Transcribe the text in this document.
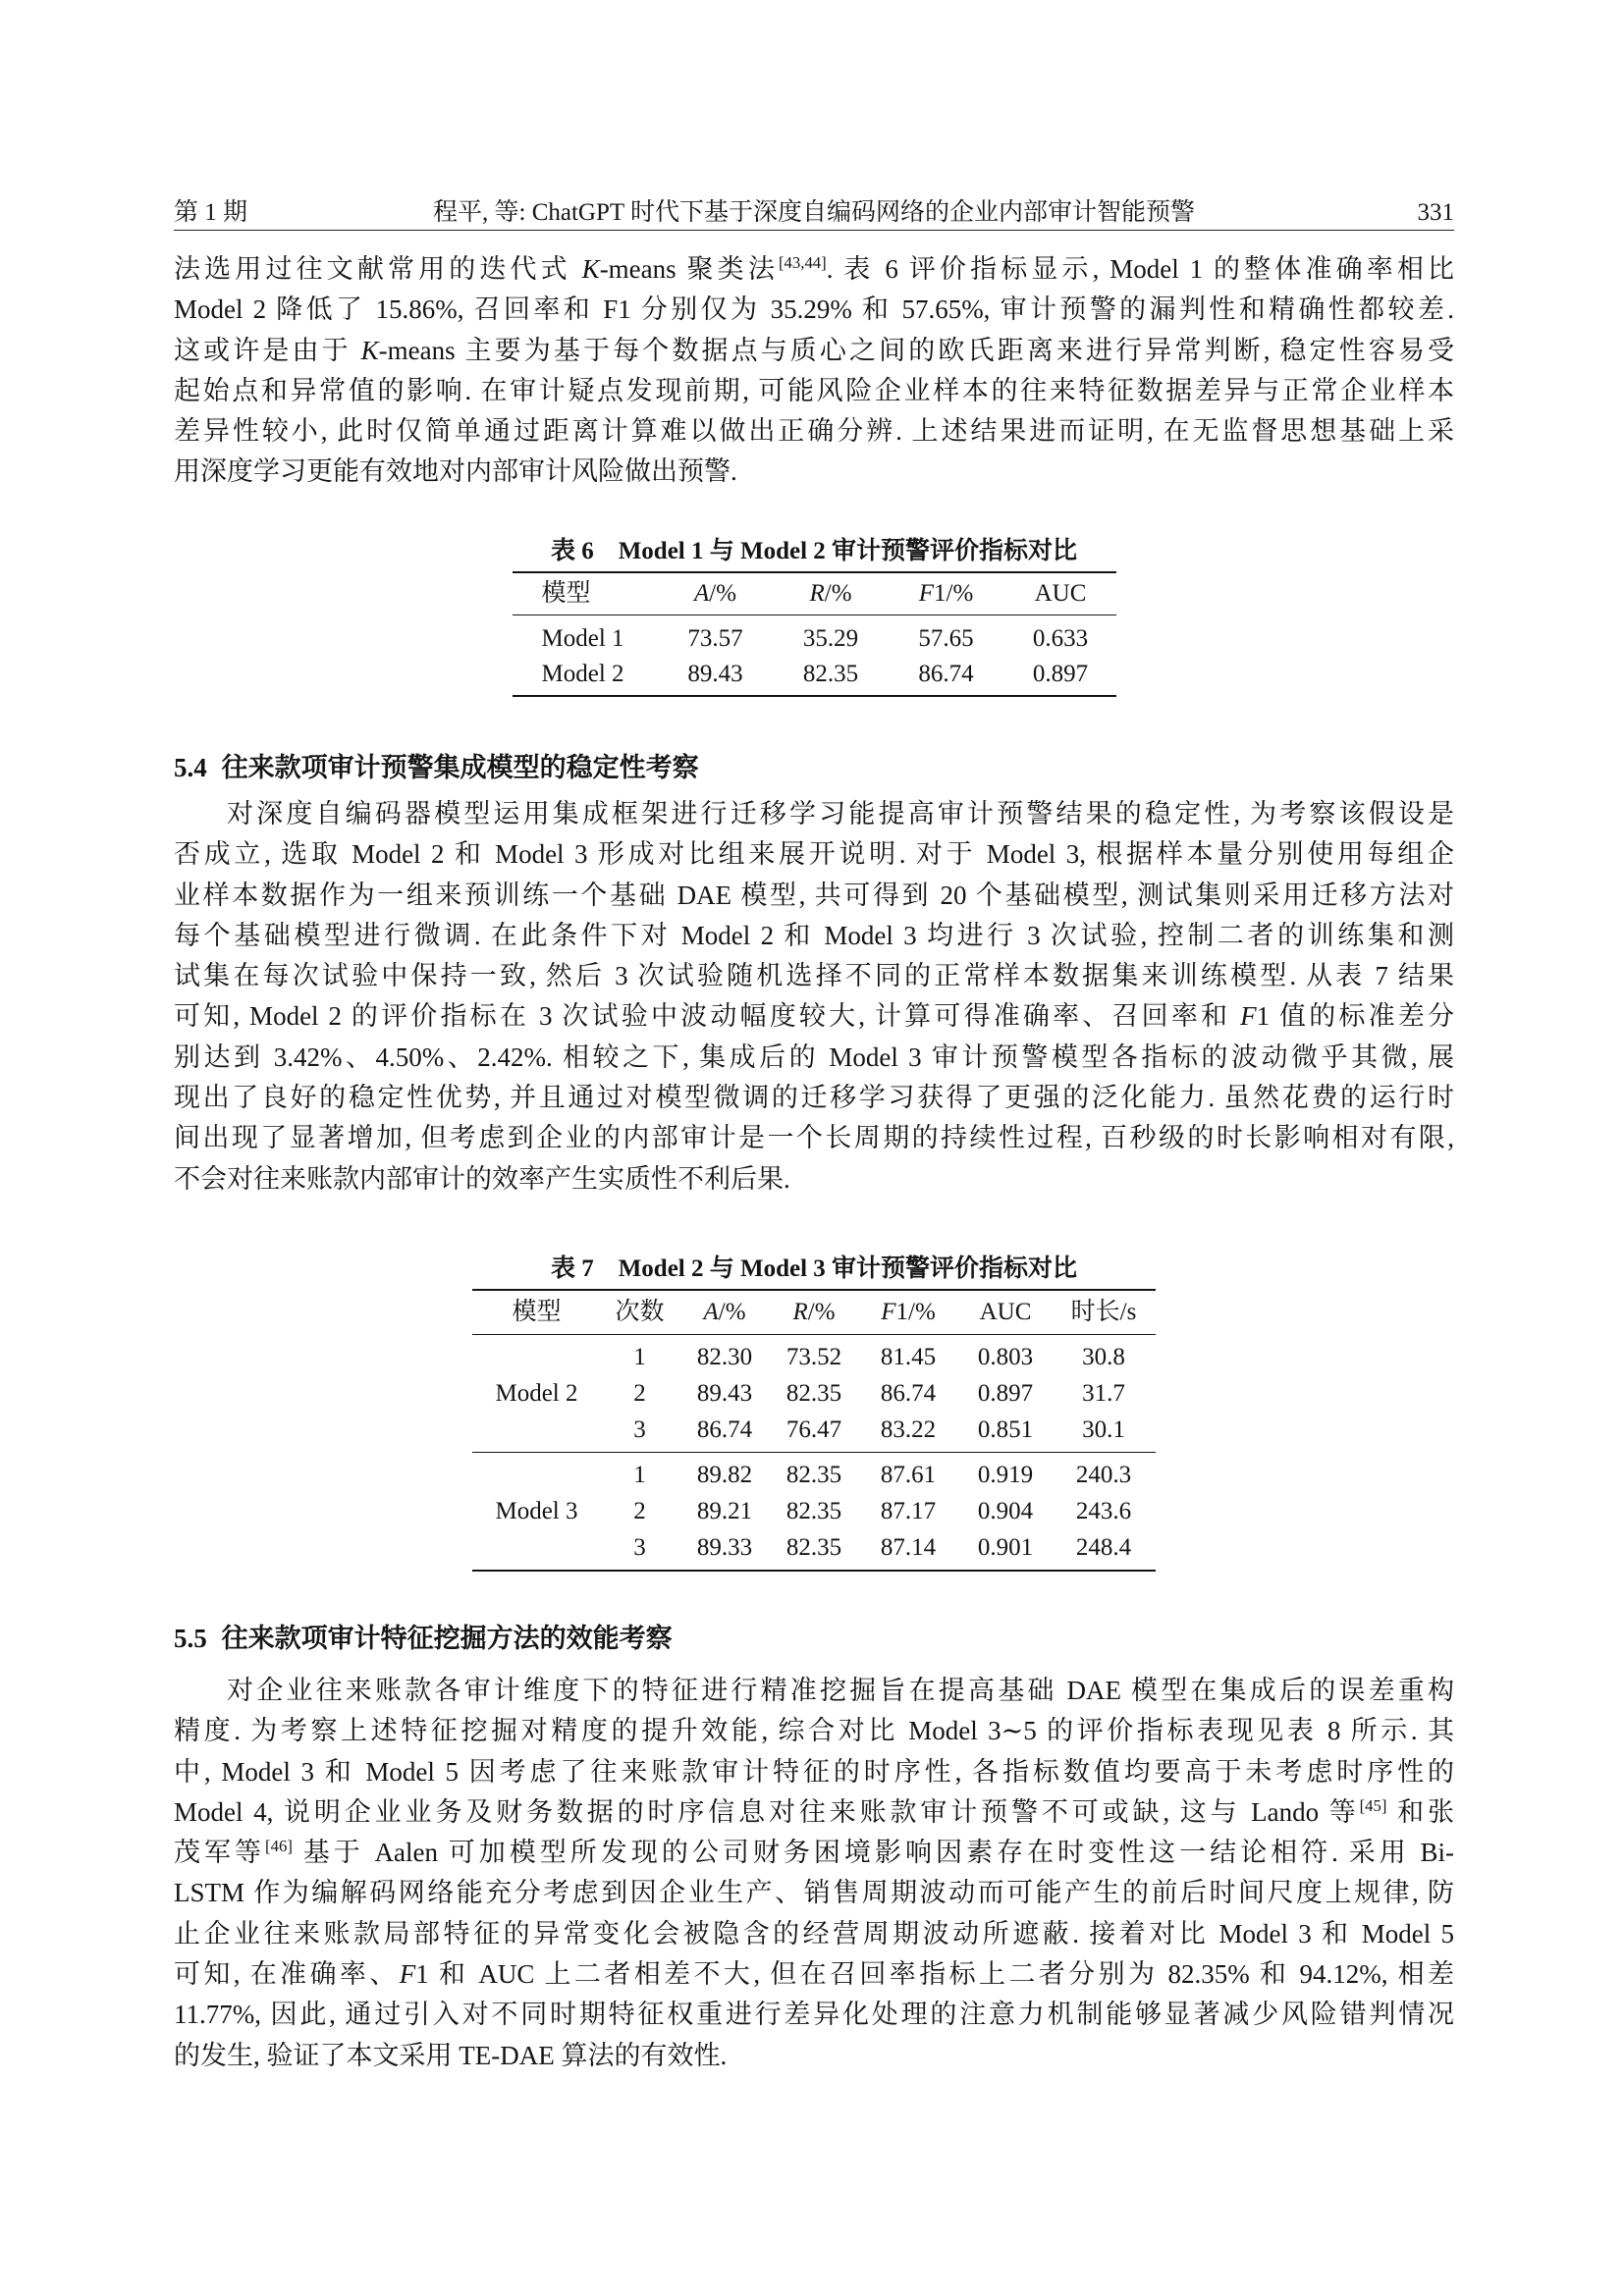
第 1 期	程平, 等: ChatGPT 时代下基于深度自编码网络的企业内部审计智能预警	331
法选用过往文献常用的迭代式 K-means 聚类法[43,44]. 表 6 评价指标显示, Model 1 的整体准确率相比
Model 2 降低了 15.86%, 召回率和 F1 分别仅为 35.29% 和 57.65%, 审计预警的漏判性和精确性都较差.
这或许是由于 K-means 主要为基于每个数据点与质心之间的欧氏距离来进行异常判断, 稳定性容易受
起始点和异常值的影响. 在审计疑点发现前期, 可能风险企业样本的往来特征数据差异与正常企业样本
差异性较小, 此时仅简单通过距离计算难以做出正确分辨. 上述结果进而证明, 在无监督思想基础上采
用深度学习更能有效地对内部审计风险做出预警.
表 6 Model 1 与 Model 2 审计预警评价指标对比
模型	A/%	R/%	F1/%	AUC
Model 1	73.57	35.29	57.65	0.633
Model 2	89.43	82.35	86.74	0.897
5.4 往来款项审计预警集成模型的稳定性考察
对深度自编码器模型运用集成框架进行迁移学习能提高审计预警结果的稳定性, 为考察该假设是
否成立, 选取 Model 2 和 Model 3 形成对比组来展开说明. 对于 Model 3, 根据样本量分别使用每组企
业样本数据作为一组来预训练一个基础 DAE 模型, 共可得到 20 个基础模型, 测试集则采用迁移方法对
每个基础模型进行微调. 在此条件下对 Model 2 和 Model 3 均进行 3 次试验, 控制二者的训练集和测
试集在每次试验中保持一致, 然后 3 次试验随机选择不同的正常样本数据集来训练模型. 从表 7 结果
可知, Model 2 的评价指标在 3 次试验中波动幅度较大, 计算可得准确率、召回率和 F1 值的标准差分
别达到 3.42%、4.50%、2.42%. 相较之下, 集成后的 Model 3 审计预警模型各指标的波动微乎其微, 展
现出了良好的稳定性优势, 并且通过对模型微调的迁移学习获得了更强的泛化能力. 虽然花费的运行时
间出现了显著增加, 但考虑到企业的内部审计是一个长周期的持续性过程, 百秒级的时长影响相对有限,
不会对往来账款内部审计的效率产生实质性不利后果.
表 7 Model 2 与 Model 3 审计预警评价指标对比
模型	次数	A/%	R/%	F1/%	AUC	时长/s
Model 2	1	82.30	73.52	81.45	0.803	30.8
	2	89.43	82.35	86.74	0.897	31.7
	3	86.74	76.47	83.22	0.851	30.1
Model 3	1	89.82	82.35	87.61	0.919	240.3
	2	89.21	82.35	87.17	0.904	243.6
	3	89.33	82.35	87.14	0.901	248.4
5.5 往来款项审计特征挖掘方法的效能考察
对企业往来账款各审计维度下的特征进行精准挖掘旨在提高基础 DAE 模型在集成后的误差重构
精度. 为考察上述特征挖掘对精度的提升效能, 综合对比 Model 3∼5 的评价指标表现见表 8 所示. 其
中, Model 3 和 Model 5 因考虑了往来账款审计特征的时序性, 各指标数值均要高于未考虑时序性的
Model 4, 说明企业业务及财务数据的时序信息对往来账款审计预警不可或缺, 这与 Lando 等[45] 和张
茂军等[46] 基于 Aalen 可加模型所发现的公司财务困境影响因素存在时变性这一结论相符. 采用 Bi-
LSTM 作为编解码网络能充分考虑到因企业生产、销售周期波动而可能产生的前后时间尺度上规律, 防
止企业往来账款局部特征的异常变化会被隐含的经营周期波动所遮蔽. 接着对比 Model 3 和 Model 5
可知, 在准确率、F1 和 AUC 上二者相差不大, 但在召回率指标上二者分别为 82.35% 和 94.12%, 相差
11.77%, 因此, 通过引入对不同时期特征权重进行差异化处理的注意力机制能够显著减少风险错判情况
的发生, 验证了本文采用 TE-DAE 算法的有效性.
